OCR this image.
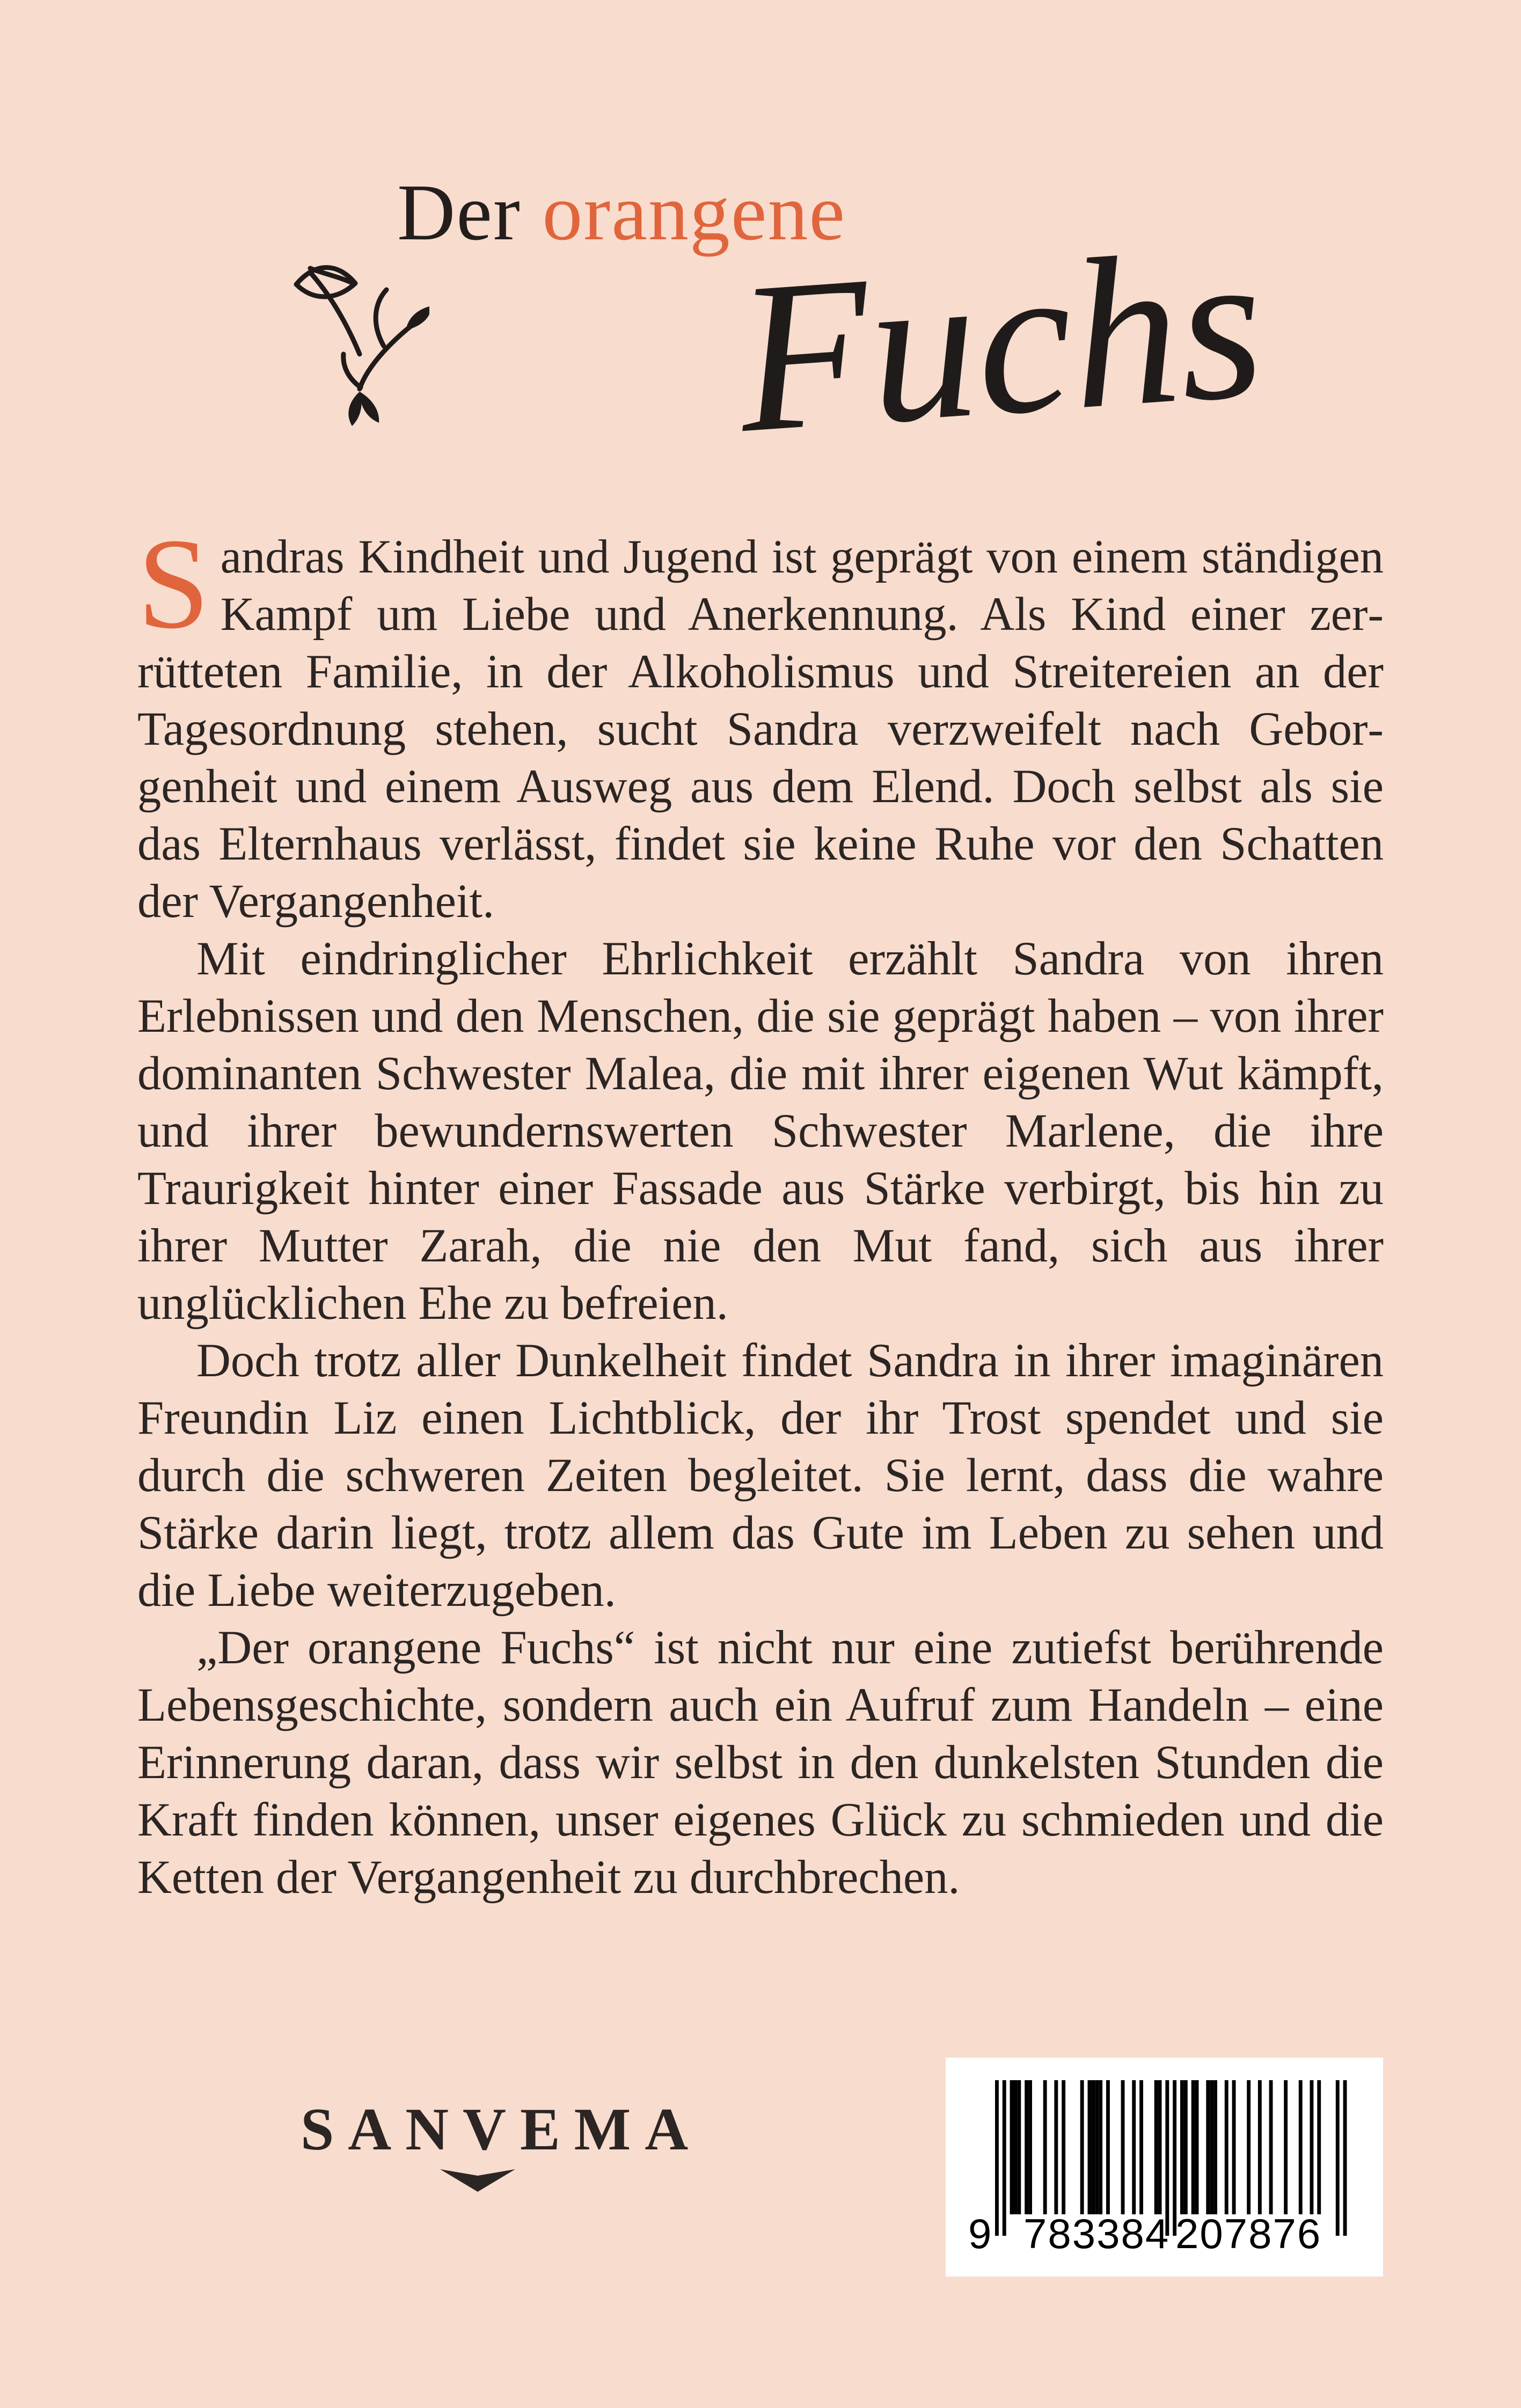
Der orangene
Fuchs

Sandras Kindheit und Jugend ist geprägt von einem ständigen Kampf um Liebe und Anerkennung. Als Kind einer zerrütteten Familie, in der Alkoholismus und Streitereien an der Tagesordnung stehen, sucht Sandra verzweifelt nach Geborgenheit und einem Ausweg aus dem Elend. Doch selbst als sie das Elternhaus verlässt, findet sie keine Ruhe vor den Schatten der Vergangenheit.

Mit eindringlicher Ehrlichkeit erzählt Sandra von ihren Erlebnissen und den Menschen, die sie geprägt haben – von ihrer dominanten Schwester Malea, die mit ihrer eigenen Wut kämpft, und ihrer bewundernswerten Schwester Marlene, die ihre Traurigkeit hinter einer Fassade aus Stärke verbirgt, bis hin zu ihrer Mutter Zarah, die nie den Mut fand, sich aus ihrer unglücklichen Ehe zu befreien.

Doch trotz aller Dunkelheit findet Sandra in ihrer imaginären Freundin Liz einen Lichtblick, der ihr Trost spendet und sie durch die schweren Zeiten begleitet. Sie lernt, dass die wahre Stärke darin liegt, trotz allem das Gute im Leben zu sehen und die Liebe weiterzugeben.

„Der orangene Fuchs“ ist nicht nur eine zutiefst berührende Lebensgeschichte, sondern auch ein Aufruf zum Handeln – eine Erinnerung daran, dass wir selbst in den dunkelsten Stunden die Kraft finden können, unser eigenes Glück zu schmieden und die Ketten der Vergangenheit zu durchbrechen.

SANVEMA
9 783384 207876
